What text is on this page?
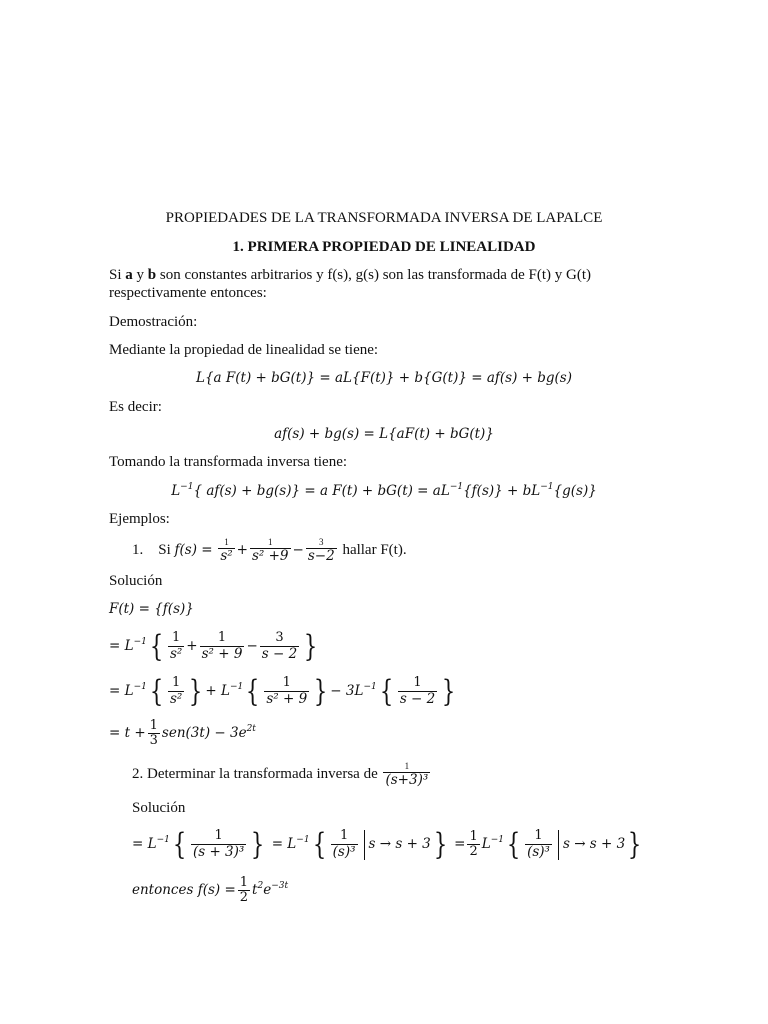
PROPIEDADES DE LA TRANSFORMADA INVERSA DE LAPALCE
1. PRIMERA PROPIEDAD DE LINEALIDAD
Si a y b son constantes arbitrarios y f(s), g(s) son las transformada de F(t) y G(t)
respectivamente entonces:
Demostración:
Mediante la propiedad de linealidad se tiene:
L{a F(t) + bG(t)} = aL{F(t)} + b{G(t)} = af(s) + bg(s)
Es decir:
af(s) + bg(s) = L{aF(t) + bG(t)}
Tomando la transformada inversa tiene:
$L^{-1}${ af(s) + bg(s)} = a $F(t) + bG(t) = aL^{-1}\{f(s)\} + bL^{-1}\{g(s)\}$
Ejemplos:
1. Si $f(s) = \frac{1}{\text{s²}} + \frac{1}{\text{s² +9}} - \frac{3}{s-2}$ hallar F(t).
Solución
F(t) = {f(s)}
= $L^{-1}\{ \frac{1}{\text{s²}} + \frac{1}{\text{s² + 9}} - \frac{3}{s - 2}$ }
= $L^{-1}\{ \frac{1}{\text{s²}}$ } + $L^{-1}\{ \frac{1}{\text{s² + 9}}$ } − $3L^{-1}\{ \frac{1}{s - 2}$ }
= $t + \frac{1}{3} sen(3t) - 3e^{2t}$
2. Determinar la transformada inversa de $\frac{1}{\text{(s+3)³}}$
Solución
= $L^{-1}\{ \frac{1}{\text{(s + 3)³}}$ } = $L^{-1}\{ \frac{1}{\text{(s)³}}$ $s \to s + 3\} = \frac{1}{2} L^{-1}\{ \frac{1}{\text{(s)³}}$ s → s + 3}
entonces $f(s) = \frac{1}{2} t^2e^{-3t}$
